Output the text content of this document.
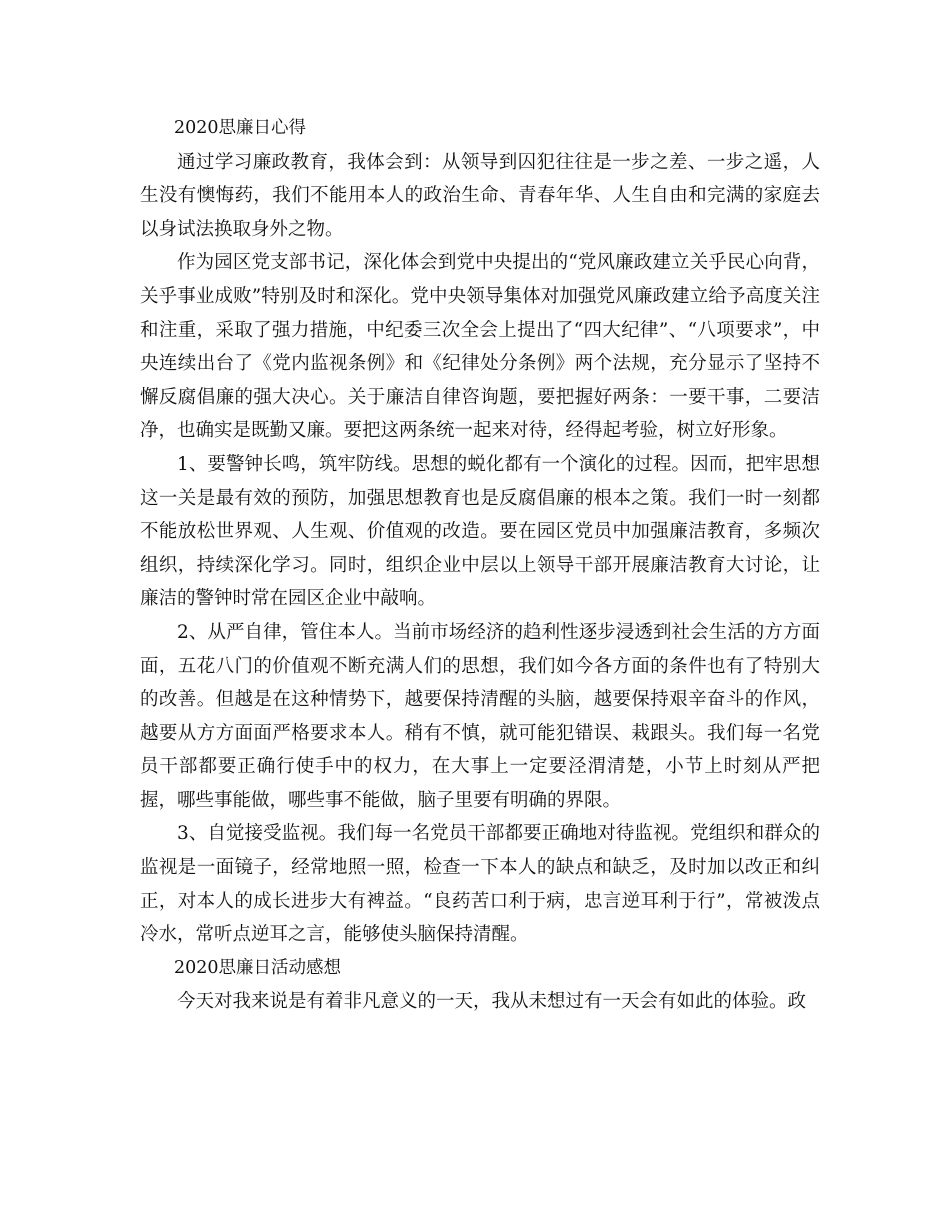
2020思廉日心得

通过学习廉政教育，我体会到：从领导到囚犯往往是一步之差、一步之遥，人生没有懊悔药，我们不能用本人的政治生命、青春年华、人生自由和完满的家庭去以身试法换取身外之物。

作为园区党支部书记，深化体会到党中央提出的“党风廉政建立关乎民心向背，关乎事业成败”特别及时和深化。党中央领导集体对加强党风廉政建立给予高度关注和注重，采取了强力措施，中纪委三次全会上提出了“四大纪律”、“八项要求”，中央连续出台了《党内监视条例》和《纪律处分条例》两个法规，充分显示了坚持不懈反腐倡廉的强大决心。关于廉洁自律咨询题，要把握好两条：一要干事，二要洁净，也确实是既勤又廉。要把这两条统一起来对待，经得起考验，树立好形象。

1、要警钟长鸣，筑牢防线。思想的蜕化都有一个演化的过程。因而，把牢思想这一关是最有效的预防，加强思想教育也是反腐倡廉的根本之策。我们一时一刻都不能放松世界观、人生观、价值观的改造。要在园区党员中加强廉洁教育，多频次组织，持续深化学习。同时，组织企业中层以上领导干部开展廉洁教育大讨论，让廉洁的警钟时常在园区企业中敲响。

2、从严自律，管住本人。当前市场经济的趋利性逐步浸透到社会生活的方方面面，五花八门的价值观不断充满人们的思想，我们如今各方面的条件也有了特别大的改善。但越是在这种情势下，越要保持清醒的头脑，越要保持艰辛奋斗的作风，越要从方方面面严格要求本人。稍有不慎，就可能犯错误、栽跟头。我们每一名党员干部都要正确行使手中的权力，在大事上一定要泾渭清楚，小节上时刻从严把握，哪些事能做，哪些事不能做，脑子里要有明确的界限。

3、自觉接受监视。我们每一名党员干部都要正确地对待监视。党组织和群众的监视是一面镜子，经常地照一照，检查一下本人的缺点和缺乏，及时加以改正和纠正，对本人的成长进步大有裨益。“良药苦口利于病，忠言逆耳利于行”，常被泼点冷水，常听点逆耳之言，能够使头脑保持清醒。

2020思廉日活动感想

今天对我来说是有着非凡意义的一天，我从未想过有一天会有如此的体验。政
